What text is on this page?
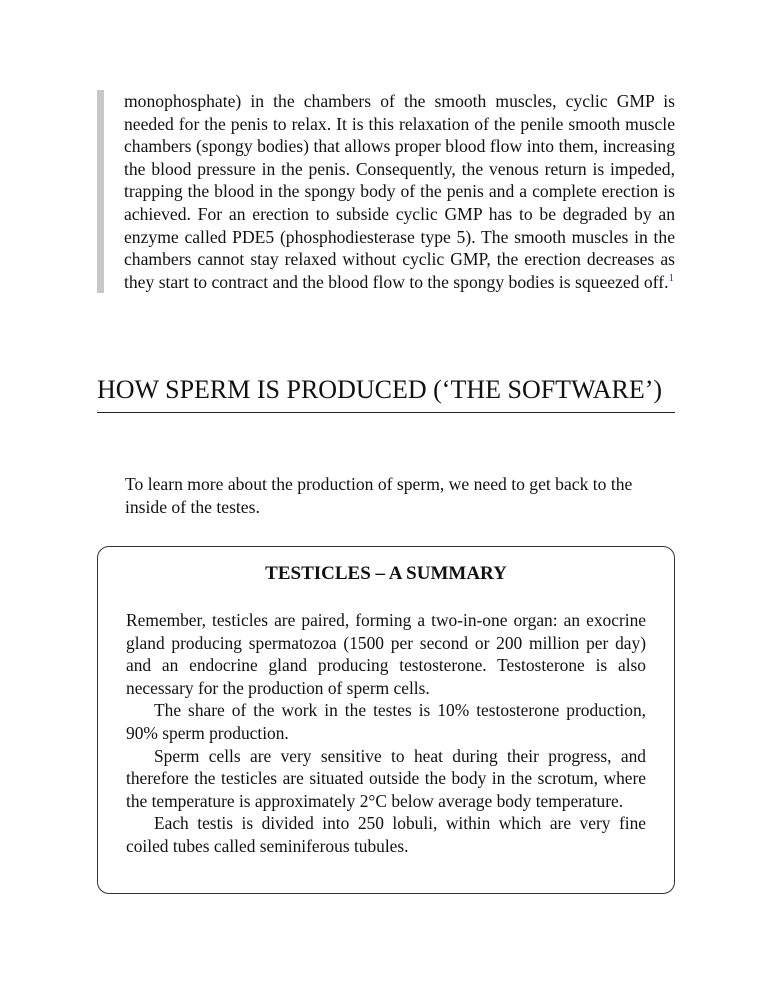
monophosphate) in the chambers of the smooth muscles, cyclic GMP is needed for the penis to relax. It is this relaxation of the penile smooth muscle chambers (spongy bodies) that allows proper blood flow into them, increasing the blood pressure in the penis. Consequently, the venous return is impeded, trapping the blood in the spongy body of the penis and a complete erection is achieved. For an erection to subside cyclic GMP has to be degraded by an enzyme called PDE5 (phosphodiesterase type 5). The smooth muscles in the chambers cannot stay relaxed without cyclic GMP, the erection decreases as they start to contract and the blood flow to the spongy bodies is squeezed off.$^1$

HOW SPERM IS PRODUCED (‘THE SOFTWARE’)

To learn more about the production of sperm, we need to get back to the inside of the testes.

TESTICLES – A SUMMARY

Remember, testicles are paired, forming a two-in-one organ: an exocrine gland producing spermatozoa (1500 per second or 200 million per day) and an endocrine gland producing testosterone. Testosterone is also necessary for the production of sperm cells.

The share of the work in the testes is 10% testosterone production, 90% sperm production.

Sperm cells are very sensitive to heat during their progress, and therefore the testicles are situated outside the body in the scrotum, where the temperature is approximately 2°C below average body temperature.

Each testis is divided into 250 lobuli, within which are very fine coiled tubes called seminiferous tubules.
